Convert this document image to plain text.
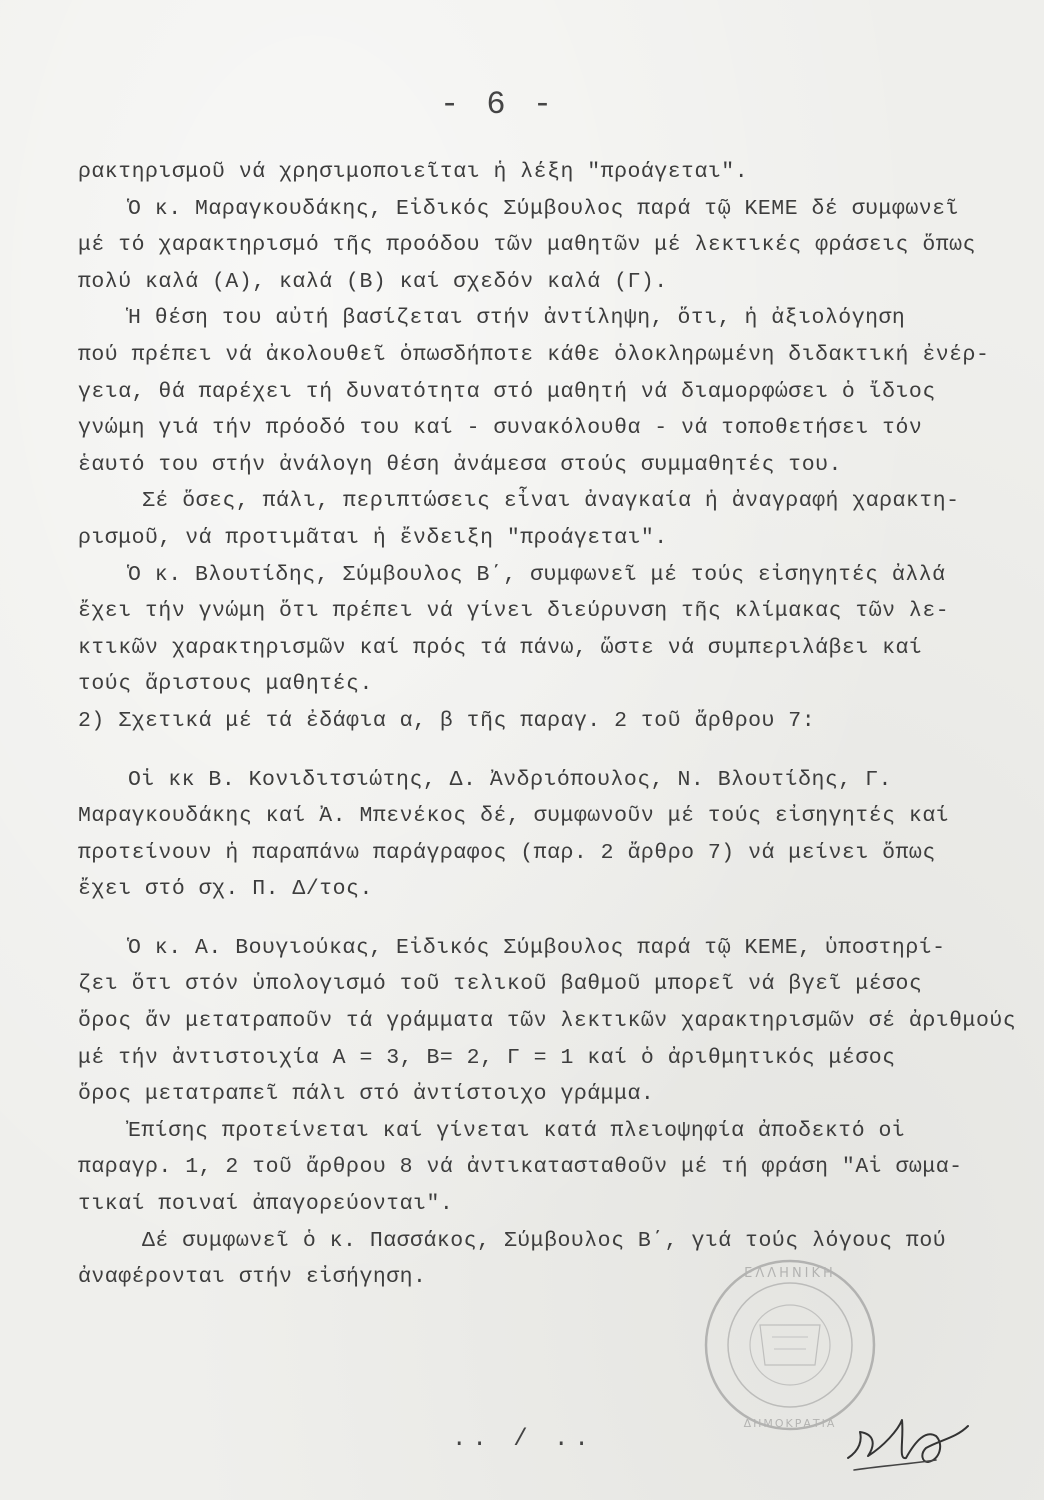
- 6 -
ρακτηρισμοῦ νά χρησιμοποιεῖται ἡ λέξη "προάγεται".
Ὁ κ. Μαραγκουδάκης, Εἰδικός Σύμβουλος παρά τῷ ΚΕΜΕ δέ συμφωνεῖ
μέ τό χαρακτηρισμό τῆς προόδου τῶν μαθητῶν μέ λεκτικές φράσεις ὅπως
πολύ καλά (Α), καλά (Β) καί σχεδόν καλά (Γ).
Ἡ θέση του αὐτή βασίζεται στήν ἀντίληψη, ὅτι, ἡ ἀξιολόγηση
πού πρέπει νά ἀκολουθεῖ ὁπωσδήποτε κάθε ὁλοκληρωμένη διδακτική ἐνέρ-
γεια, θά παρέχει τή δυνατότητα στό μαθητή νά διαμορφώσει ὁ ἴδιος
γνώμη γιά τήν πρόοδό του καί - συνακόλουθα - νά τοποθετήσει τόν
ἑαυτό του στήν ἀνάλογη θέση ἀνάμεσα στούς συμμαθητές του.
Σέ ὅσες, πάλι, περιπτώσεις εἶναι ἀναγκαία ἡ ἀναγραφή χαρακτη-
ρισμοῦ, νά προτιμᾶται ἡ ἔνδειξη "προάγεται".
Ὁ κ. Βλουτίδης, Σύμβουλος Β΄, συμφωνεῖ μέ τούς εἰσηγητές ἀλλά
ἔχει τήν γνώμη ὅτι πρέπει νά γίνει διεύρυνση τῆς κλίμακας τῶν λε-
κτικῶν χαρακτηρισμῶν καί πρός τά πάνω, ὥστε νά συμπεριλάβει καί
τούς ἄριστους μαθητές.
2) Σχετικά μέ τά ἐδάφια α, β τῆς παραγ. 2 τοῦ ἄρθρου 7:
Οἱ κκ Β. Κονιδιτσιώτης, Δ. Ἀνδριόπουλος, Ν. Βλουτίδης, Γ.
Μαραγκουδάκης καί Ἀ. Μπενέκος δέ, συμφωνοῦν μέ τούς εἰσηγητές καί
προτείνουν ἡ παραπάνω παράγραφος (παρ. 2 ἄρθρο 7) νά μείνει ὅπως
ἔχει στό σχ. Π. Δ/τος.
Ὁ κ. Α. Βουγιούκας, Εἰδικός Σύμβουλος παρά τῷ ΚΕΜΕ, ὑποστηρί-
ζει ὅτι στόν ὑπολογισμό τοῦ τελικοῦ βαθμοῦ μπορεῖ νά βγεῖ μέσος
ὅρος ἄν μετατραποῦν τά γράμματα τῶν λεκτικῶν χαρακτηρισμῶν σέ ἀριθμούς
μέ τήν ἀντιστοιχία Α = 3, Β= 2, Γ = 1 καί ὁ ἀριθμητικός μέσος
ὅρος μετατραπεῖ πάλι στό ἀντίστοιχο γράμμα.
Ἐπίσης προτείνεται καί γίνεται κατά πλειοψηφία ἀποδεκτό οἱ
παραγρ. 1, 2 τοῦ ἄρθρου 8 νά ἀντικατασταθοῦν μέ τή φράση "Αἱ σωμα-
τικαί ποιναί ἀπαγορεύονται".
Δέ συμφωνεῖ ὁ κ. Πασσάκος, Σύμβουλος Β΄, γιά τούς λόγους πού
ἀναφέρονται στήν εἰσήγηση.	ΕΛΛΗΝΙΚΗ
ΔΗΜΟΚΡΑΤΙΑ
.. / ..
